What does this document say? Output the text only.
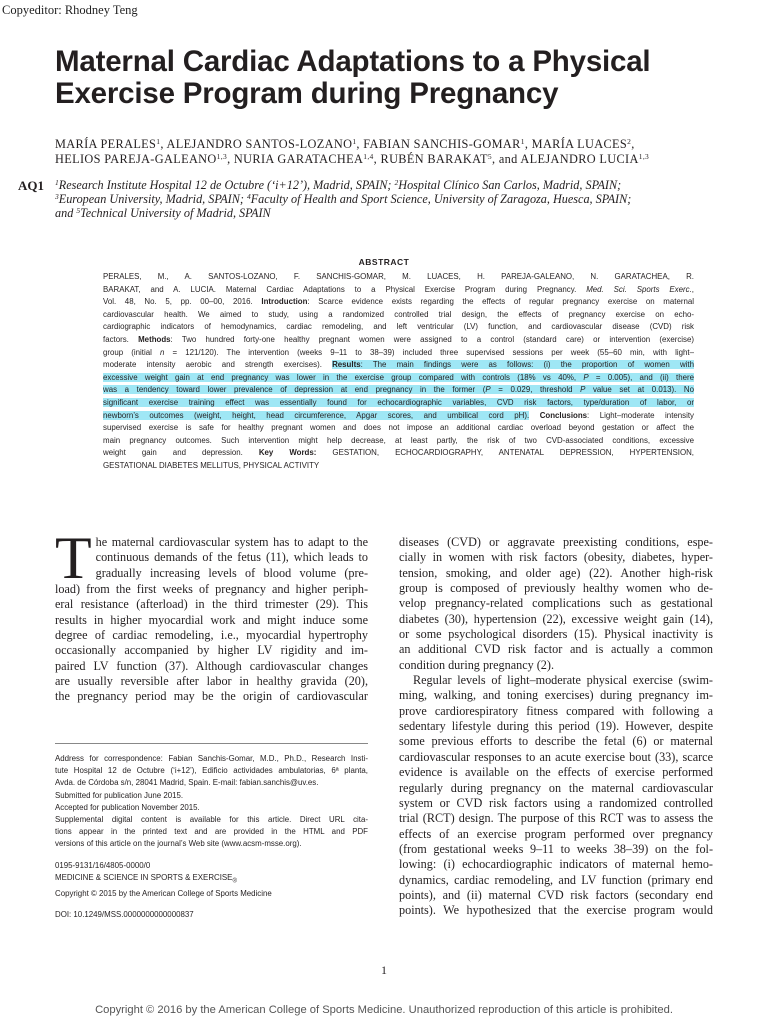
Copyeditor: Rhodney Teng
Maternal Cardiac Adaptations to a Physical
Exercise Program during Pregnancy
MARÍA PERALES$^1$, ALEJANDRO SANTOS-LOZANO$^1$, FABIAN SANCHIS-GOMAR$^1$, MARÍA LUACES$^2$,
HELIOS PAREJA-GALEANO$^{1,3}$, NURIA GARATACHEA$^{1,4}$, RUBÉN BARAKAT$^5$, and ALEJANDRO LUCIA$^{1,3}$
AQ1 $^1$Research Institute Hospital 12 de Octubre (‘i+12’), Madrid, SPAIN; $^2$Hospital Clínico San Carlos, Madrid, SPAIN;
$^3$European University, Madrid, SPAIN; $^4$Faculty of Health and Sport Science, University of Zaragoza, Huesca, SPAIN;
and $^5$Technical University of Madrid, SPAIN
ABSTRACT
PERALES, M., A. SANTOS-LOZANO, F. SANCHIS-GOMAR, M. LUACES, H. PAREJA-GALEANO, N. GARATACHEA, R.
BARAKAT, and A. LUCIA. Maternal Cardiac Adaptations to a Physical Exercise Program during Pregnancy. Med. Sci. Sports Exerc.,
Vol. 48, No. 5, pp. 00–00, 2016. Introduction: Scarce evidence exists regarding the effects of regular pregnancy exercise on maternal
cardiovascular health. We aimed to study, using a randomized controlled trial design, the effects of pregnancy exercise on echo-
cardiographic indicators of hemodynamics, cardiac remodeling, and left ventricular (LV) function, and cardiovascular disease (CVD) risk
factors. Methods: Two hundred forty-one healthy pregnant women were assigned to a control (standard care) or intervention (exercise)
group (initial n = 121/120). The intervention (weeks 9–11 to 38–39) included three supervised sessions per week (55–60 min, with light–
moderate intensity aerobic and strength exercises). Results: The main findings were as follows: (i) the proportion of women with
excessive weight gain at end pregnancy was lower in the exercise group compared with controls (18% vs 40%, P = 0.005), and (ii) there
was a tendency toward lower prevalence of depression at end pregnancy in the former (P = 0.029, threshold P value set at 0.013). No
significant exercise training effect was essentially found for echocardiographic variables, CVD risk factors, type/duration of labor, or
newborn’s outcomes (weight, height, head circumference, Apgar scores, and umbilical cord pH). Conclusions: Light–moderate intensity
supervised exercise is safe for healthy pregnant women and does not impose an additional cardiac overload beyond gestation or affect the
main pregnancy outcomes. Such intervention might help decrease, at least partly, the risk of two CVD-associated conditions, excessive
weight gain and depression. Key Words: GESTATION, ECHOCARDIOGRAPHY, ANTENATAL DEPRESSION, HYPERTENSION,
GESTATIONAL DIABETES MELLITUS, PHYSICAL ACTIVITY
T he maternal cardiovascular system has to adapt to the
continuous demands of the fetus (11), which leads to
gradually increasing levels of blood volume (pre-
load) from the first weeks of pregnancy and higher periph-
eral resistance (afterload) in the third trimester (29). This
results in higher myocardial work and might induce some
degree of cardiac remodeling, i.e., myocardial hypertrophy
occasionally accompanied by higher LV rigidity and im-
paired LV function (37). Although cardiovascular changes
are usually reversible after labor in healthy gravida (20),
the pregnancy period may be the origin of cardiovascular
Address for correspondence: Fabian Sanchis-Gomar, M.D., Ph.D., Research Insti-
tute Hospital 12 de Octubre (‘i+12’), Edificio actividades ambulatorias, 6ª planta,
Avda. de Córdoba s/n, 28041 Madrid, Spain. E-mail: fabian.sanchis@uv.es.
Submitted for publication June 2015.
Accepted for publication November 2015.
Supplemental digital content is available for this article. Direct URL cita-
tions appear in the printed text and are provided in the HTML and PDF
versions of this article on the journal’s Web site (www.acsm-msse.org).
0195-9131/16/4805-0000/0
MEDICINE & SCIENCE IN SPORTS & $EXERCISE_®$
Copyright © 2015 by the American College of Sports Medicine
DOI: 10.1249/MSS.0000000000000837
diseases (CVD) or aggravate preexisting conditions, espe-
cially in women with risk factors (obesity, diabetes, hyper-
tension, smoking, and older age) (22). Another high-risk
group is composed of previously healthy women who de-
velop pregnancy-related complications such as gestational
diabetes (30), hypertension (22), excessive weight gain (14),
or some psychological disorders (15). Physical inactivity is
an additional CVD risk factor and is actually a common
condition during pregnancy (2).
Regular levels of light–moderate physical exercise (swim-
ming, walking, and toning exercises) during pregnancy im-
prove cardiorespiratory fitness compared with following a
sedentary lifestyle during this period (19). However, despite
some previous efforts to describe the fetal (6) or maternal
cardiovascular responses to an acute exercise bout (33), scarce
evidence is available on the effects of exercise performed
regularly during pregnancy on the maternal cardiovascular
system or CVD risk factors using a randomized controlled
trial (RCT) design. The purpose of this RCT was to assess the
effects of an exercise program performed over pregnancy
(from gestational weeks 9–11 to weeks 38–39) on the fol-
lowing: (i) echocardiographic indicators of maternal hemo-
dynamics, cardiac remodeling, and LV function (primary end
points), and (ii) maternal CVD risk factors (secondary end
points). We hypothesized that the exercise program would
1
Copyright © 2016 by the American College of Sports Medicine. Unauthorized reproduction of this article is prohibited.
